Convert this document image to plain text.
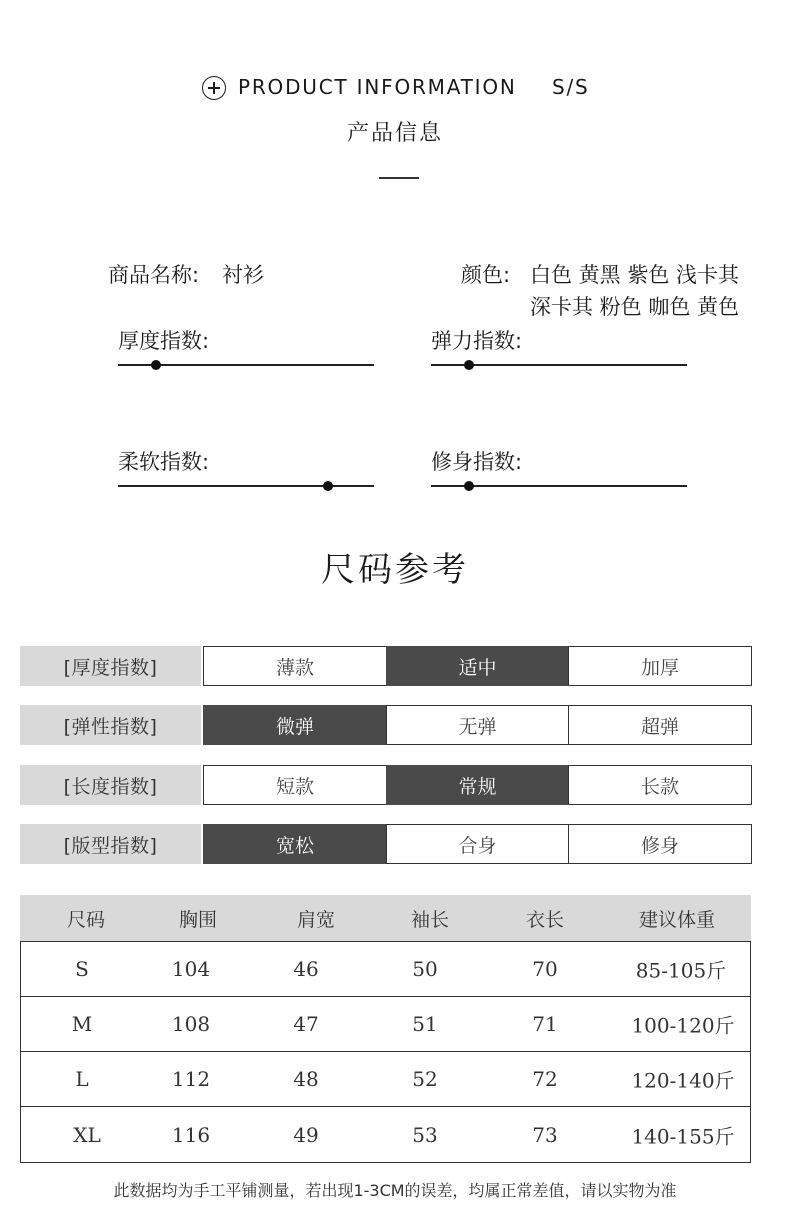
PRODUCT INFORMATION S/S
产品信息
商品名称: 衬衫	颜色: 白色 黄黑 紫色 浅卡其
深卡其 粉色 咖色 黄色
厚度指数:	弹力指数:
柔软指数:	修身指数:
尺码参考
[厚度指数]	薄款	适中	加厚
[弹性指数]	微弹	无弹	超弹
[长度指数]	短款	常规	长款
[版型指数]	宽松	合身	修身
尺码	胸围	肩宽	袖长	衣长	建议体重
S	104	46	50	70	85-105斤
M	108	47	51	71	100-120斤
L	112	48	52	72	120-140斤
XL	116	49	53	73	140-155斤
此数据均为手工平铺测量，若出现1-3CM的误差，均属正常差值，请以实物为准
